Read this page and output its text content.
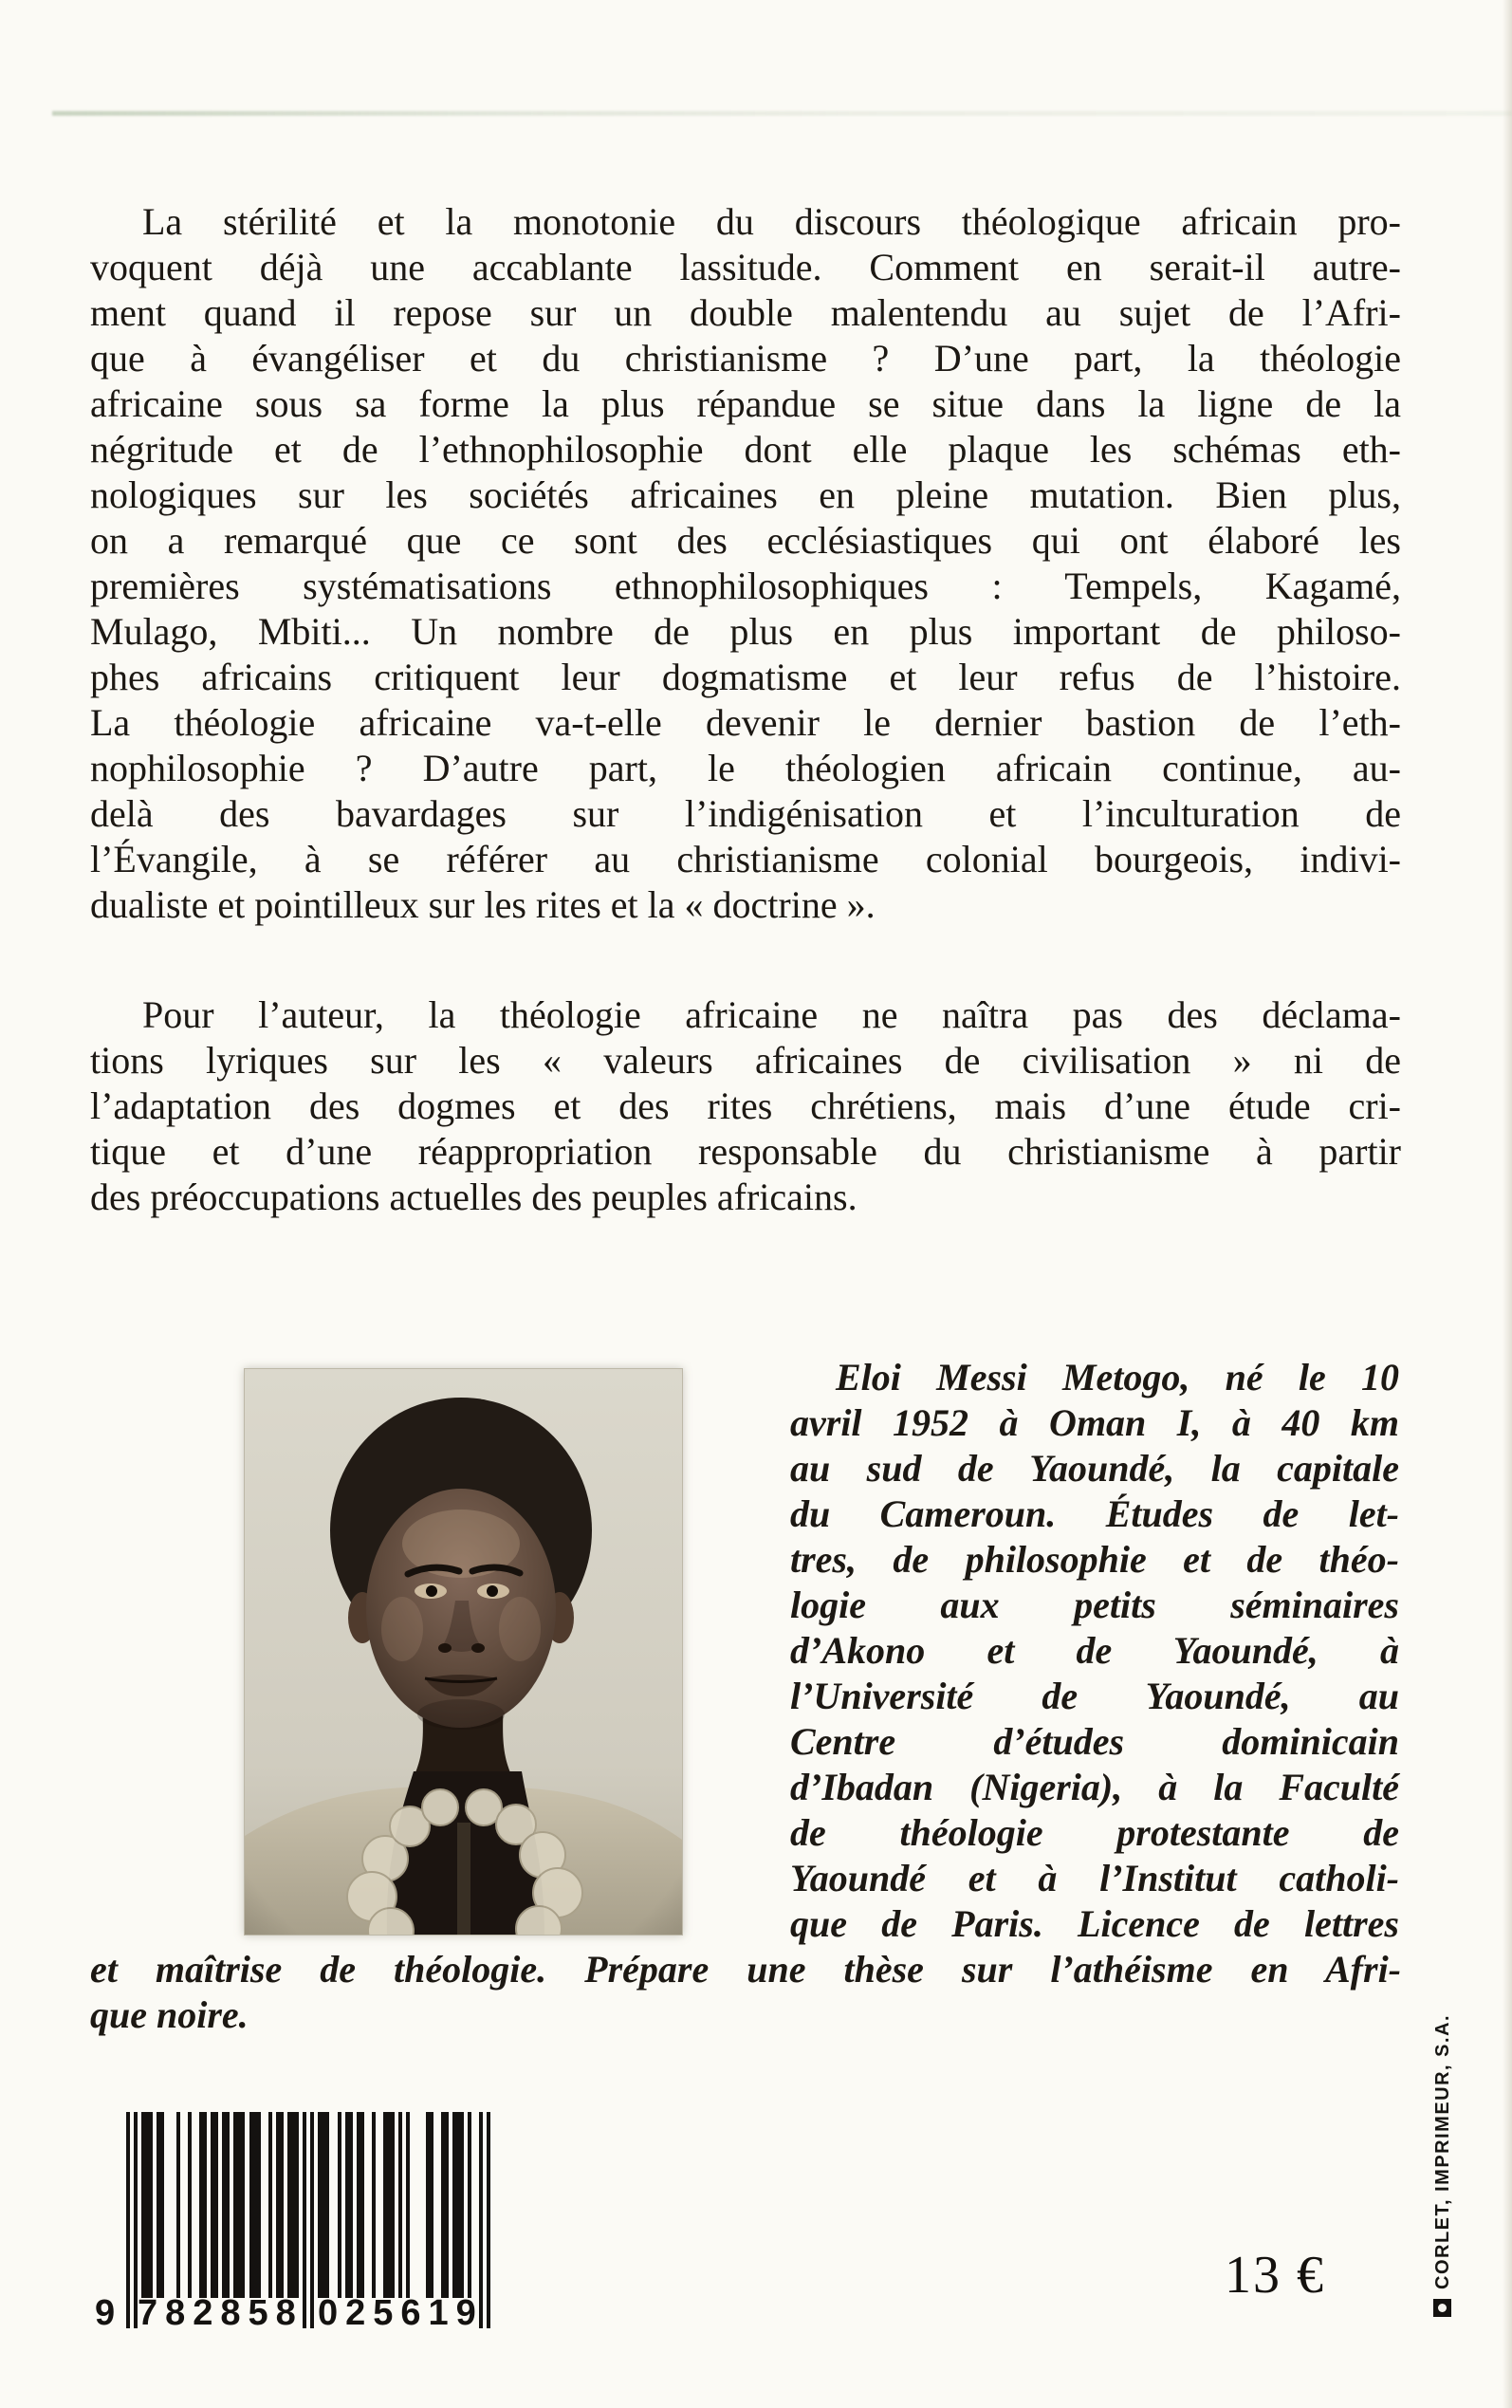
La stérilité et la monotonie du discours théologique africain pro-
voquent déjà une accablante lassitude. Comment en serait-il autre-
ment quand il repose sur un double malentendu au sujet de l’Afri-
que à évangéliser et du christianisme ? D’une part, la théologie
africaine sous sa forme la plus répandue se situe dans la ligne de la
négritude et de l’ethnophilosophie dont elle plaque les schémas eth-
nologiques sur les sociétés africaines en pleine mutation. Bien plus,
on a remarqué que ce sont des ecclésiastiques qui ont élaboré les
premières systématisations ethnophilosophiques : Tempels, Kagamé,
Mulago, Mbiti... Un nombre de plus en plus important de philoso-
phes africains critiquent leur dogmatisme et leur refus de l’histoire.
La théologie africaine va-t-elle devenir le dernier bastion de l’eth-
nophilosophie ? D’autre part, le théologien africain continue, au-
delà des bavardages sur l’indigénisation et l’inculturation de
l’Évangile, à se référer au christianisme colonial bourgeois, indivi-
dualiste et pointilleux sur les rites et la « doctrine ».
Pour l’auteur, la théologie africaine ne naîtra pas des déclama-
tions lyriques sur les « valeurs africaines de civilisation » ni de
l’adaptation des dogmes et des rites chrétiens, mais d’une étude cri-
tique et d’une réappropriation responsable du christianisme à partir
des préoccupations actuelles des peuples africains.
Eloi Messi Metogo, né le 10
avril 1952 à Oman I, à 40 km
au sud de Yaoundé, la capitale
du Cameroun. Études de let-
tres, de philosophie et de théo-
logie aux petits séminaires
d’Akono et de Yaoundé, à
l’Université de Yaoundé, au
Centre d’études dominicain
d’Ibadan (Nigeria), à la Faculté
de théologie protestante de
Yaoundé et à l’Institut catholi-
que de Paris. Licence de lettres
et maîtrise de théologie. Prépare une thèse sur l’athéisme en Afri-
que noire.
9 782858 025619
13 €	CORLET, IMPRIMEUR, S.A.
